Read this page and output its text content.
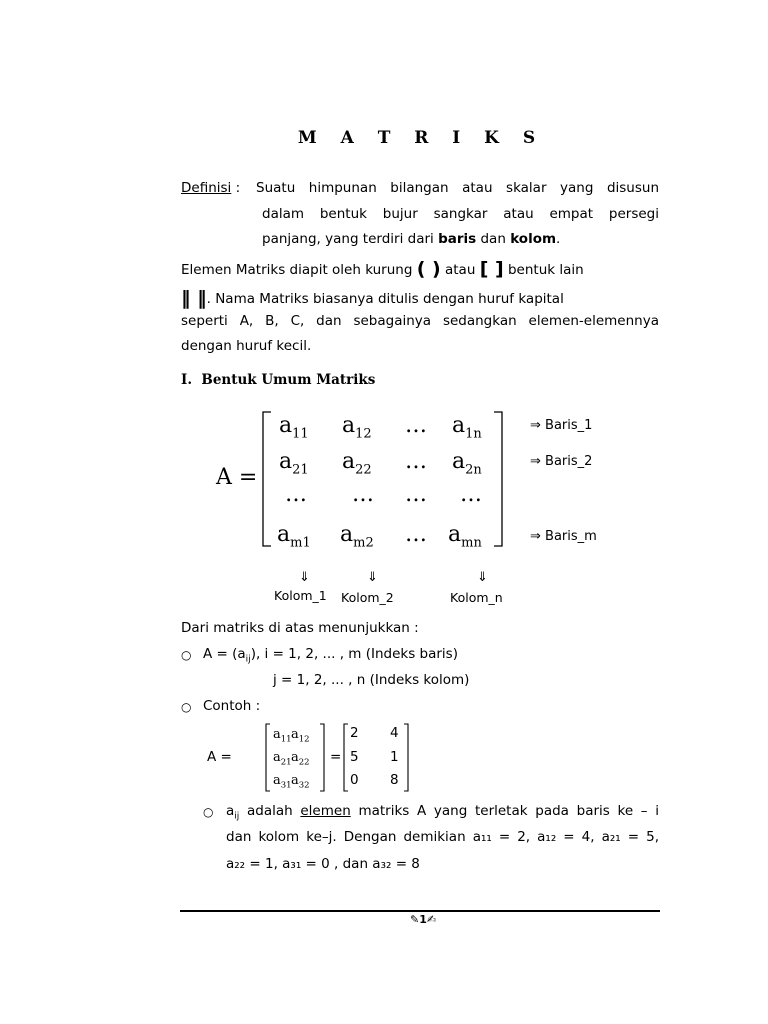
M A T R I K S
Definisi : Suatu himpunan bilangan atau skalar yang disusun
dalam bentuk bujur sangkar atau empat persegi
panjang, yang terdiri dari baris dan kolom.
Elemen Matriks diapit oleh kurung ( ) atau [ ] bentuk lain
‖ ‖. Nama Matriks biasanya ditulis dengan huruf kapital
seperti A, B, C, dan sebagainya sedangkan elemen-elemennya
dengan huruf kecil.
I. Bentuk Umum Matriks
A =
$a_{11}$ $a_{12}$ … $a_{1n}$
$a_{21}$ $a_{22}$ … $a_{2n}$
… … … …
$a_{m1}$ $a_{m2}$ … $a_{mn}$
⇒ Baris_1
⇒ Baris_2
⇒ Baris_m
⇓	⇓	⇓
Kolom_1 Kolom_2	Kolom_n
Dari matriks di atas menunjukkan :
○ $A = (a_{ij})$, i = 1, 2, ... , m (Indeks baris)
j = 1, 2, ... , n (Indeks kolom)
○ Contoh :
A =	=
$a_{11}$ $a_{12}$
$a_{21}$ $a_{22}$
$a_{31}$ $a_{32}$
2 4
5 1
0 8
○ $a_{ij}$ adalah elemen matriks A yang terletak pada baris ke – i
dan kolom ke–j. Dengan demikian a₁₁ = 2, a₁₂ = 4, a₂₁ = 5,
a₂₂ = 1, a₃₁ = 0 , dan a₃₂ = 8
✎1✍
